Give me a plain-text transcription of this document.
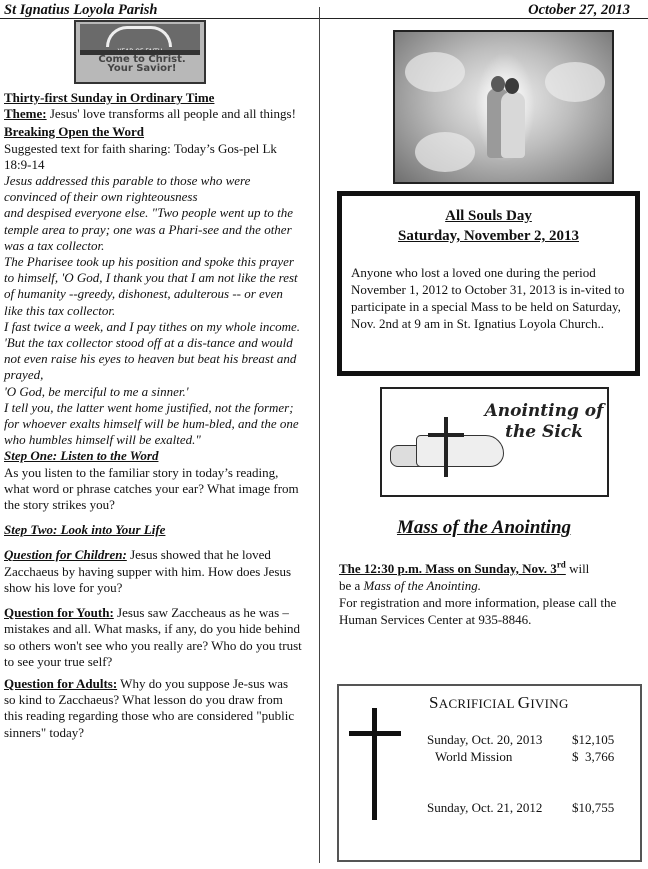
St Ignatius Loyola Parish	October 27, 2013
Come to Christ. Your Savior!
Thirty-first Sunday in Ordinary Time

Theme: Jesus' love transforms all people and all things!

Breaking Open the Word

Suggested text for faith sharing: Today’s Gos-pel Lk 18:9-14

Jesus addressed this parable to those who were convinced of their own righteousness

and despised everyone else. "Two people went up to the temple area to pray; one was a Phari-see and the other was a tax collector.

The Pharisee took up his position and spoke this prayer to himself, 'O God, I thank you that I am not like the rest of humanity --greedy, dishonest, adulterous -- or even like this tax collector.

I fast twice a week, and I pay tithes on my whole income. 'But the tax collector stood off at a dis-tance and would not even raise his eyes to heaven but beat his breast and prayed,

'O God, be merciful to me a sinner.'

I tell you, the latter went home justified, not the former; for whoever exalts himself will be hum-bled, and the one who humbles himself will be exalted."

Step One: Listen to the Word

As you listen to the familiar story in today’s reading, what word or phrase catches your ear? What image from the story strikes you?

Step Two: Look into Your Life

Question for Children: Jesus showed that he loved Zacchaeus by having supper with him. How does Jesus show his love for you?

Question for Youth: Jesus saw Zaccheaus as he was – mistakes and all. What masks, if any, do you hide behind so others won't see who you really are? Who do you trust to see your true self?

Question for Adults: Why do you suppose Je-sus was so kind to Zacchaeus? What lesson do you draw from this reading regarding those who are considered "public sinners" today?

All Souls Day
Saturday, November 2, 2013
Anyone who lost a loved one during the period November 1, 2012 to October 31, 2013 is in-vited to participate in a special Mass to be held on Saturday, Nov. 2nd at 9 am in St. Ignatius Loyola Church..
Anointing of the Sick
Mass of the Anointing
The 12:30 p.m. Mass on Sunday, Nov. 3rd will
be a Mass of the Anointing.
For registration and more information, please call the Human Services Center at 935-8846.
SACRIFICIAL GIVING
Sunday, Oct. 20, 2013 $12,105
World Mission	$  3,766
Sunday, Oct. 21, 2012 $10,755
